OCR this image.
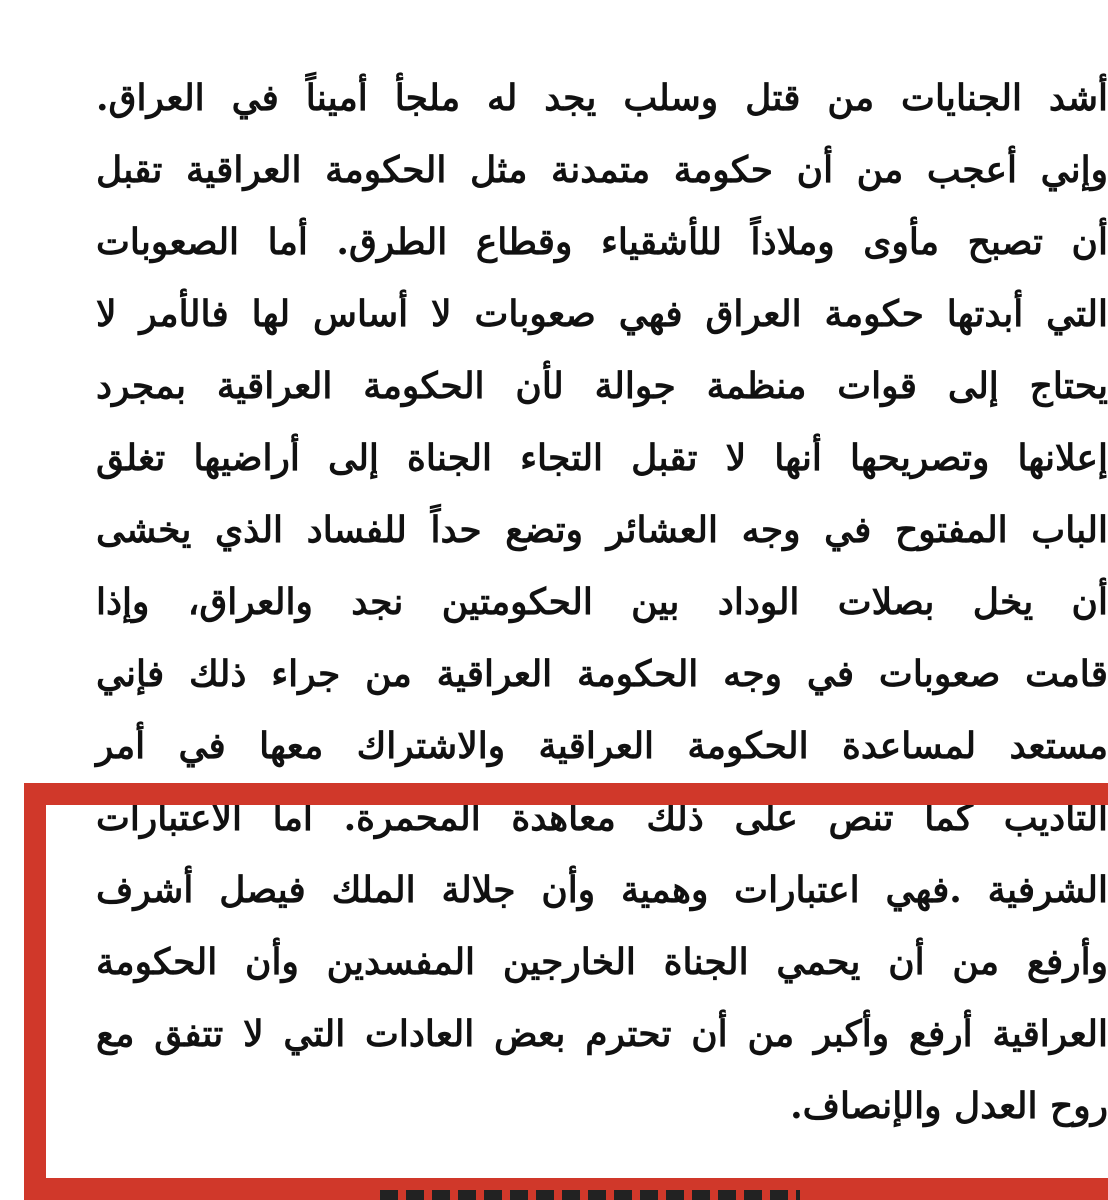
أشد الجنايات من قتل وسلب يجد له ملجأ أميناً في العراق.
وإني أعجب من أن حكومة متمدنة مثل الحكومة العراقية تقبل
أن تصبح مأوى وملاذاً للأشقياء وقطاع الطرق. أما الصعوبات
التي أبدتها حكومة العراق فهي صعوبات لا أساس لها فالأمر لا
يحتاج إلى قوات منظمة جوالة لأن الحكومة العراقية بمجرد
إعلانها وتصريحها أنها لا تقبل التجاء الجناة إلى أراضيها تغلق
الباب المفتوح في وجه العشائر وتضع حداً للفساد الذي يخشى
أن يخل بصلات الوداد بين الحكومتين نجد والعراق، وإذا
قامت صعوبات في وجه الحكومة العراقية من جراء ذلك فإني
مستعد لمساعدة الحكومة العراقية والاشتراك معها في أمر
التأديب كما تنص على ذلك معاهدة المحمرة. أما الاعتبارات
الشرفية .فهي اعتبارات وهمية وأن جلالة الملك فيصل أشرف
وأرفع من أن يحمي الجناة الخارجين المفسدين وأن الحكومة
العراقية أرفع وأكبر من أن تحترم بعض العادات التي لا تتفق مع
روح العدل والإنصاف.
